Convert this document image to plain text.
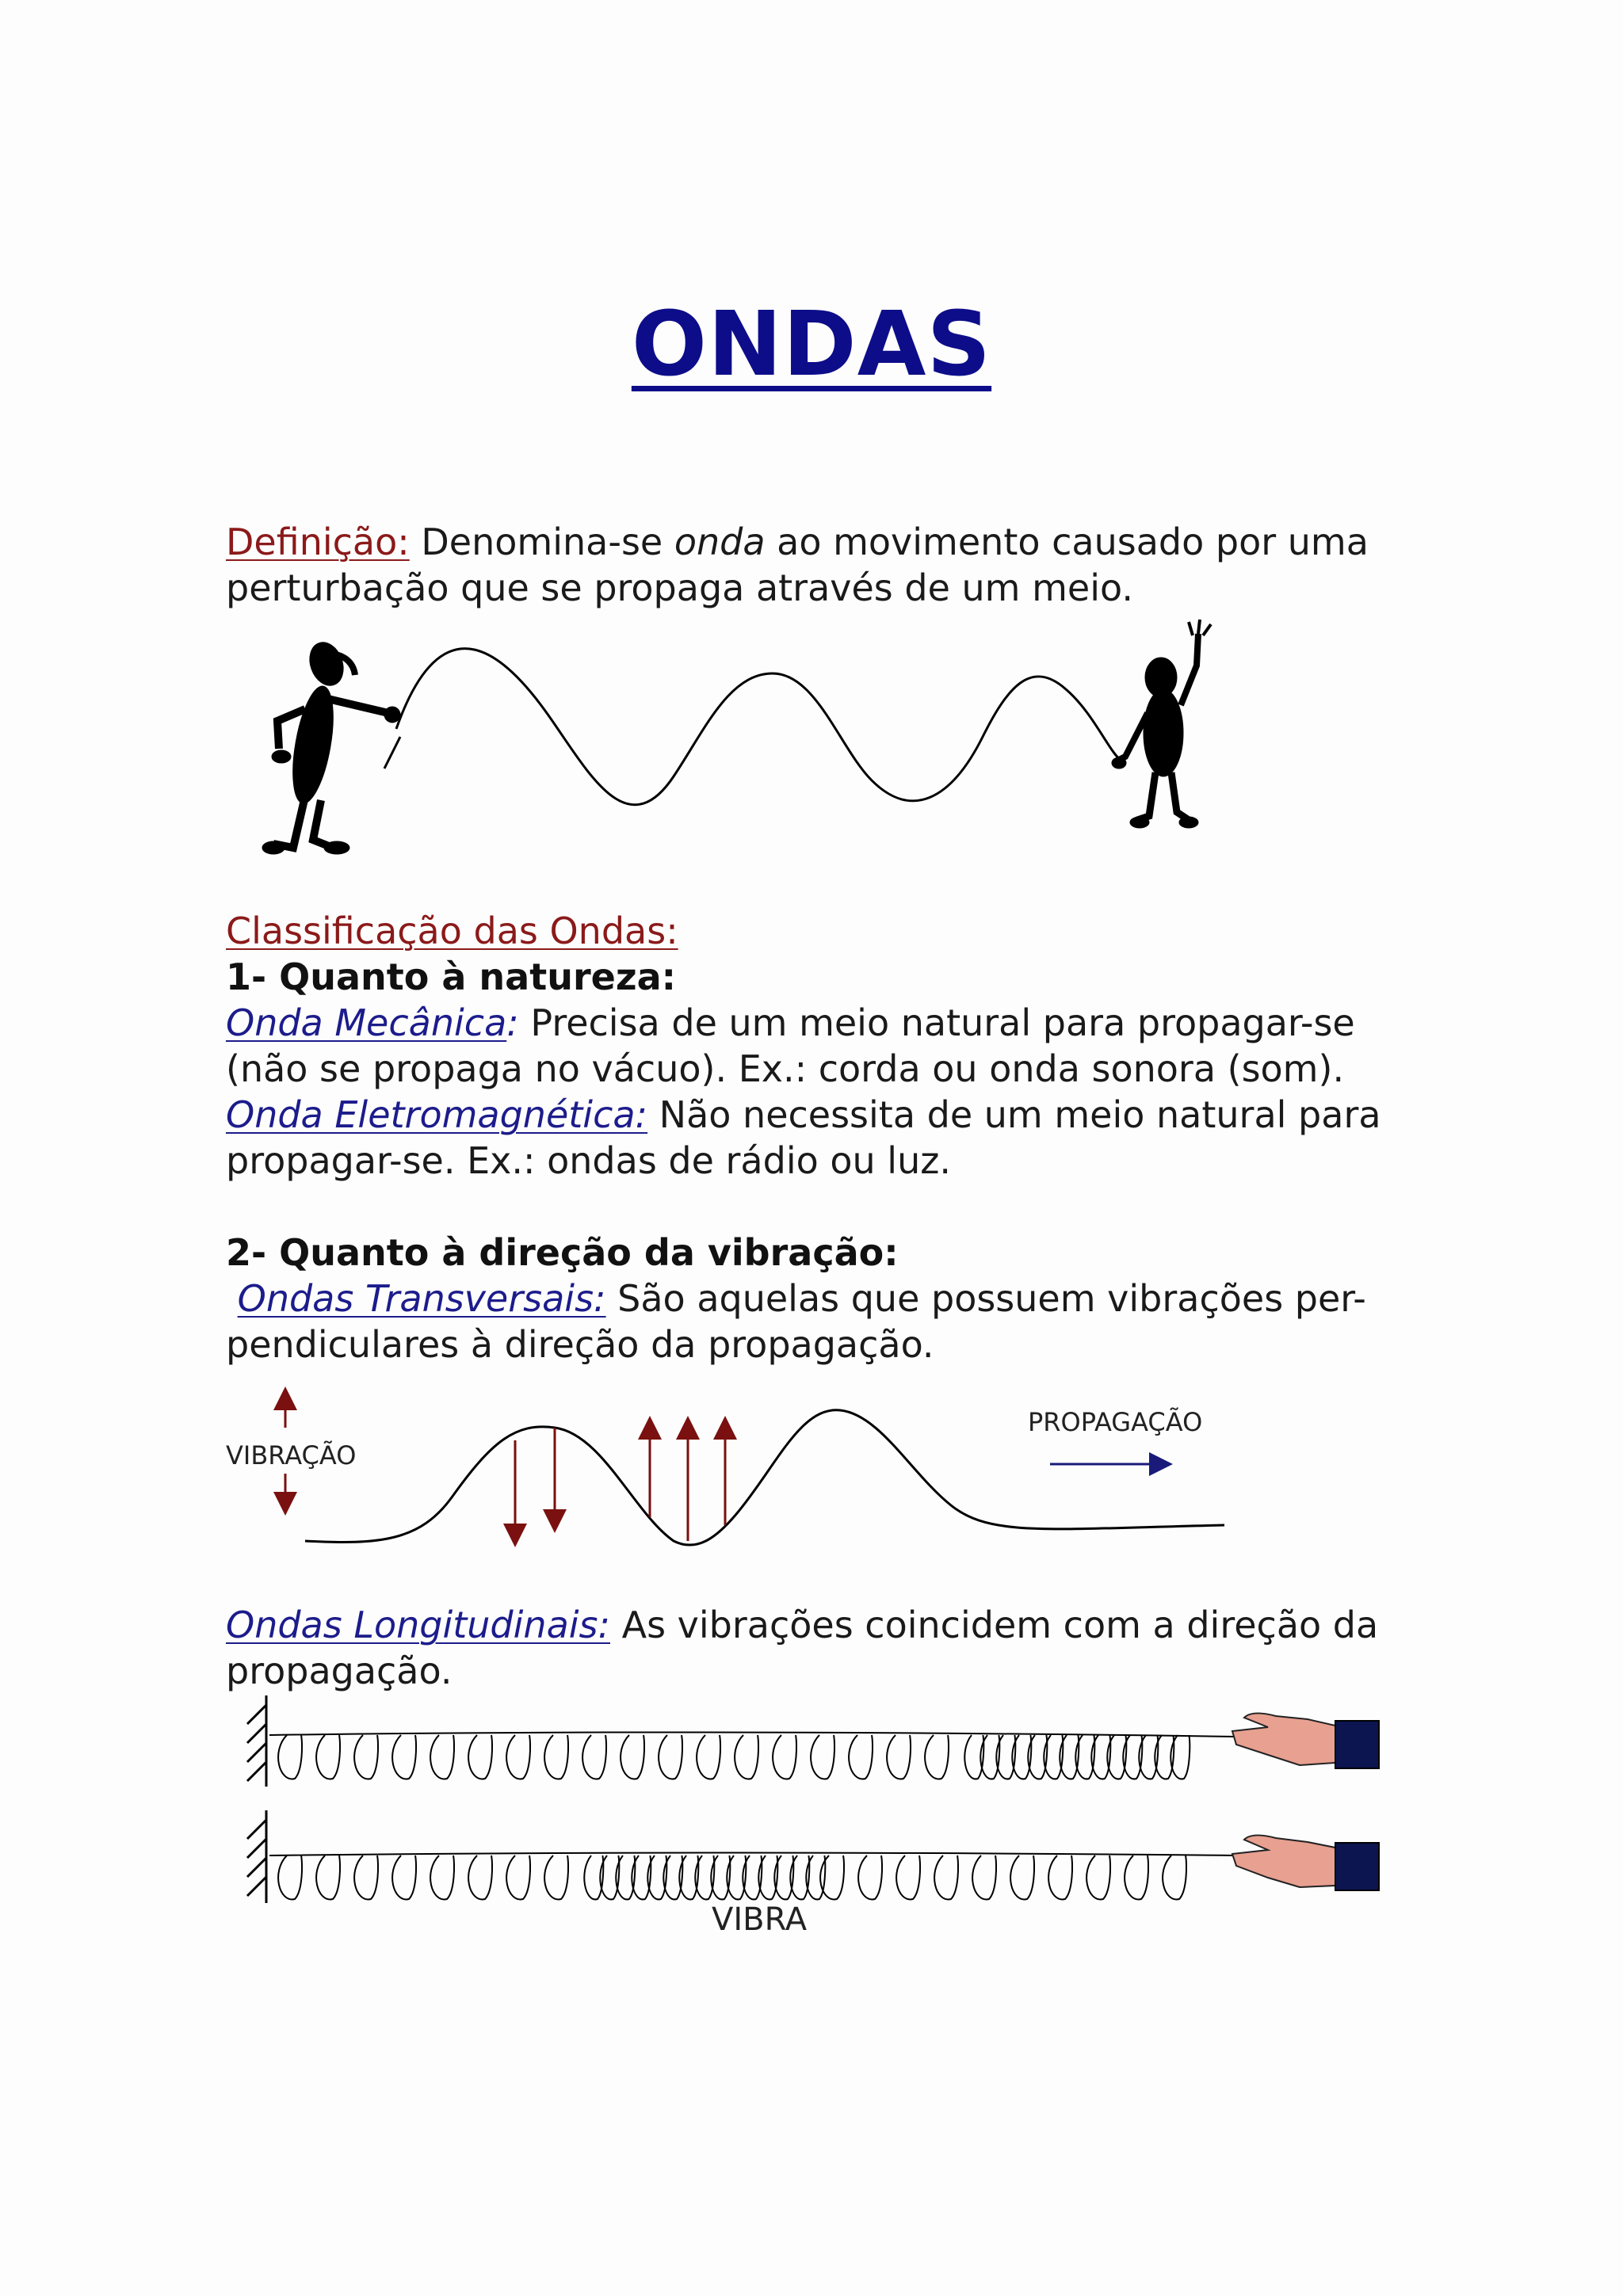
ONDAS

Definição: Denomina-se onda ao movimento causado por uma perturbação que se propaga através de um meio.

Classificação das Ondas:
1- Quanto à natureza:
Onda Mecânica: Precisa de um meio natural para propagar-se (não se propaga no vácuo). Ex.: corda ou onda sonora (som).
Onda Eletromagnética: Não necessita de um meio natural para propagar-se. Ex.: ondas de rádio ou luz.
2- Quanto à direção da vibração:
Ondas Transversais: São aquelas que possuem vibrações per-pendiculares à direção da propagação.
VIBRAÇÃO
PROPAGAÇÃO

Ondas Longitudinais: As vibrações coincidem com a direção da propagação.

VIBRA
